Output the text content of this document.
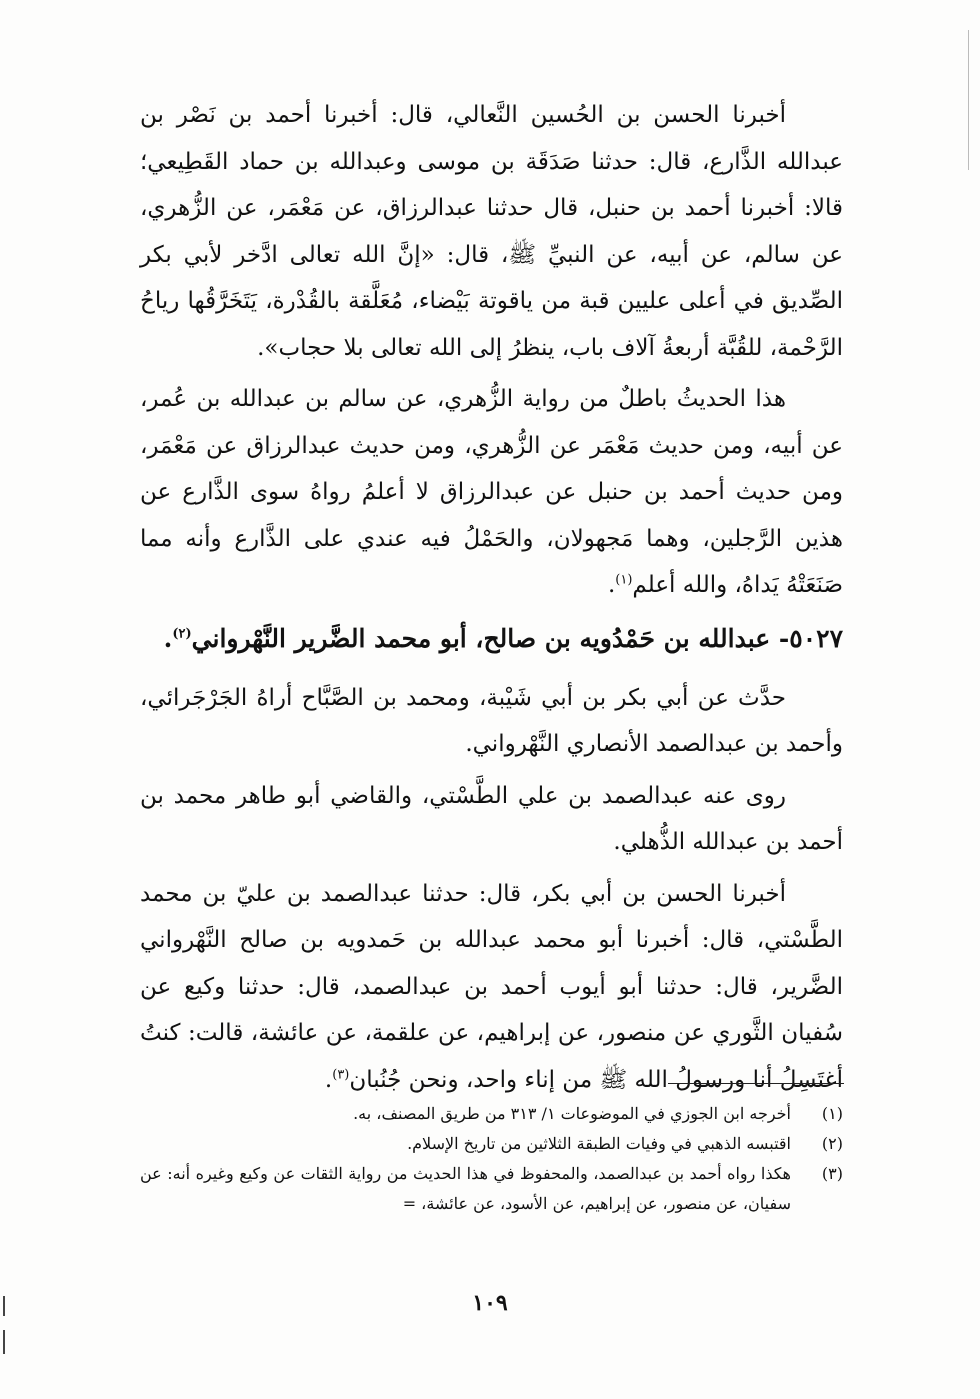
أخبرنا الحسن بن الحُسين النَّعالي، قال: أخبرنا أحمد بن نَصْر بن عبدالله الذَّارع، قال: حدثنا صَدَقَة بن موسى وعبدالله بن حماد القَطِيعي؛ قالا: أخبرنا أحمد بن حنبل، قال حدثنا عبدالرزاق، عن مَعْمَر، عن الزُّهري، عن سالم، عن أبيه، عن النبيِّ ﷺ، قال: «إنَّ الله تعالى ادَّخر لأبي بكر الصِّديق في أعلى عليين قبة من ياقوتة بَيْضاء، مُعَلَّقة بالقُدْرة، يَتَخَرَّقُها رياحُ الرَّحْمة، للقُبَّة أربعةُ آلاف باب، ينظرُ إلى الله تعالى بلا حجاب».

هذا الحديثُ باطلٌ من رواية الزُّهري، عن سالم بن عبدالله بن عُمر، عن أبيه، ومن حديث مَعْمَر عن الزُّهري، ومن حديث عبدالرزاق عن مَعْمَر، ومن حديث أحمد بن حنبل عن عبدالرزاق لا أعلمُ رواهُ سوى الذَّارع عن هذين الرَّجلين، وهما مَجهولان، والحَمْلُ فيه عندي على الذَّارع وأنه مما صَنَعَتْهُ يَداهُ، والله أعلم$^{(١)}$.

٥٠٢٧- عبدالله بن حَمْدُويه بن صالح، أبو محمد الضَّرير النَّهْرواني$^{(٢)}$.

حدَّث عن أبي بكر بن أبي شَيْبة، ومحمد بن الصَّبَّاح أراهُ الجَرْجَرائي، وأحمد بن عبدالصمد الأنصاري النَّهْرواني.

روى عنه عبدالصمد بن علي الطَّسْتي، والقاضي أبو طاهر محمد بن أحمد بن عبدالله الذُّهلي.

أخبرنا الحسن بن أبي بكر، قال: حدثنا عبدالصمد بن عليّ بن محمد الطَّسْتي، قال: أخبرنا أبو محمد عبدالله بن حَمدويه بن صالح النَّهْرواني الضَّرير، قال: حدثنا أبو أيوب أحمد بن عبدالصمد، قال: حدثنا وكيع عن سُفيان الثَّوري عن منصور، عن إبراهيم، عن علقمة، عن عائشة، قالت: كنتُ أغتَسِلُ أنا ورسولُ الله ﷺ من إناء واحد، ونحن جُنُبان$^{(٣)}$.

(١)
أخرجه ابن الجوزي في الموضوعات ١/ ٣١٣ من طريق المصنف، به.
(٢)
اقتبسه الذهبي في وفيات الطبقة الثلاثين من تاريخ الإسلام.
(٣)
هكذا رواه أحمد بن عبدالصمد، والمحفوظ في هذا الحديث من رواية الثقات عن وكيع وغيره أنه: عن سفيان، عن منصور، عن إبراهيم، عن الأسود، عن عائشة، =
١٠٩
